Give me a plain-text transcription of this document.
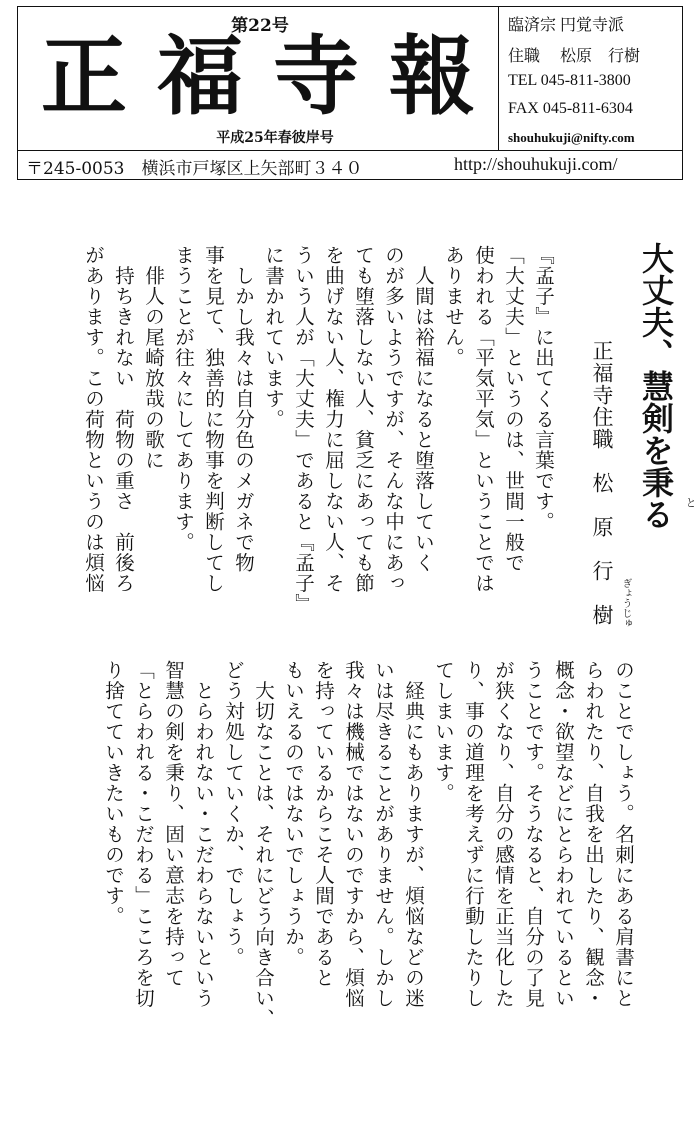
第22号
正 福 寺 報
平成25年春彼岸号
臨済宗 円覚寺派
住職　 松原　行樹
TEL 045-811-3800
FAX 045-811-6304
shouhukuji@nifty.com
〒245-0053　横浜市戸塚区上矢部町３４０	http://shouhukuji.com/
大丈夫、慧剣を秉る と
正福寺住職　松　原　行　樹 ぎょうじゅ
『孟子』に出てくる言葉です。
「大丈夫」というのは、世間一般で
使われる「平気平気」ということでは
ありません。
　人間は裕福になると堕落していく
のが多いようですが、そんな中にあっ
ても堕落しない人、貧乏にあっても節
を曲げない人、権力に屈しない人、そ
ういう人が「大丈夫」であると『孟子』
に書かれています。
　しかし我々は自分色のメガネで物
事を見て、独善的に物事を判断してし
まうことが往々にしてあります。
　俳人の尾崎放哉の歌に
　持ちきれない　荷物の重さ　前後ろ
があります。この荷物というのは煩悩
のことでしょう。名刺にある肩書にと
らわれたり、自我を出したり、観念・
概念・欲望などにとらわれているとい
うことです。そうなると、自分の了見
が狭くなり、自分の感情を正当化した
り、事の道理を考えずに行動したりし
てしまいます。
　経典にもありますが、煩悩などの迷
いは尽きることがありません。しかし
我々は機械ではないのですから、煩悩
を持っているからこそ人間であると
もいえるのではないでしょうか。
　大切なことは、それにどう向き合い、
どう対処していくか、でしょう。
　とらわれない・こだわらないという
智慧の剣を秉り、固い意志を持って
「とらわれる・こだわる」こころを切
り捨てていきたいものです。
